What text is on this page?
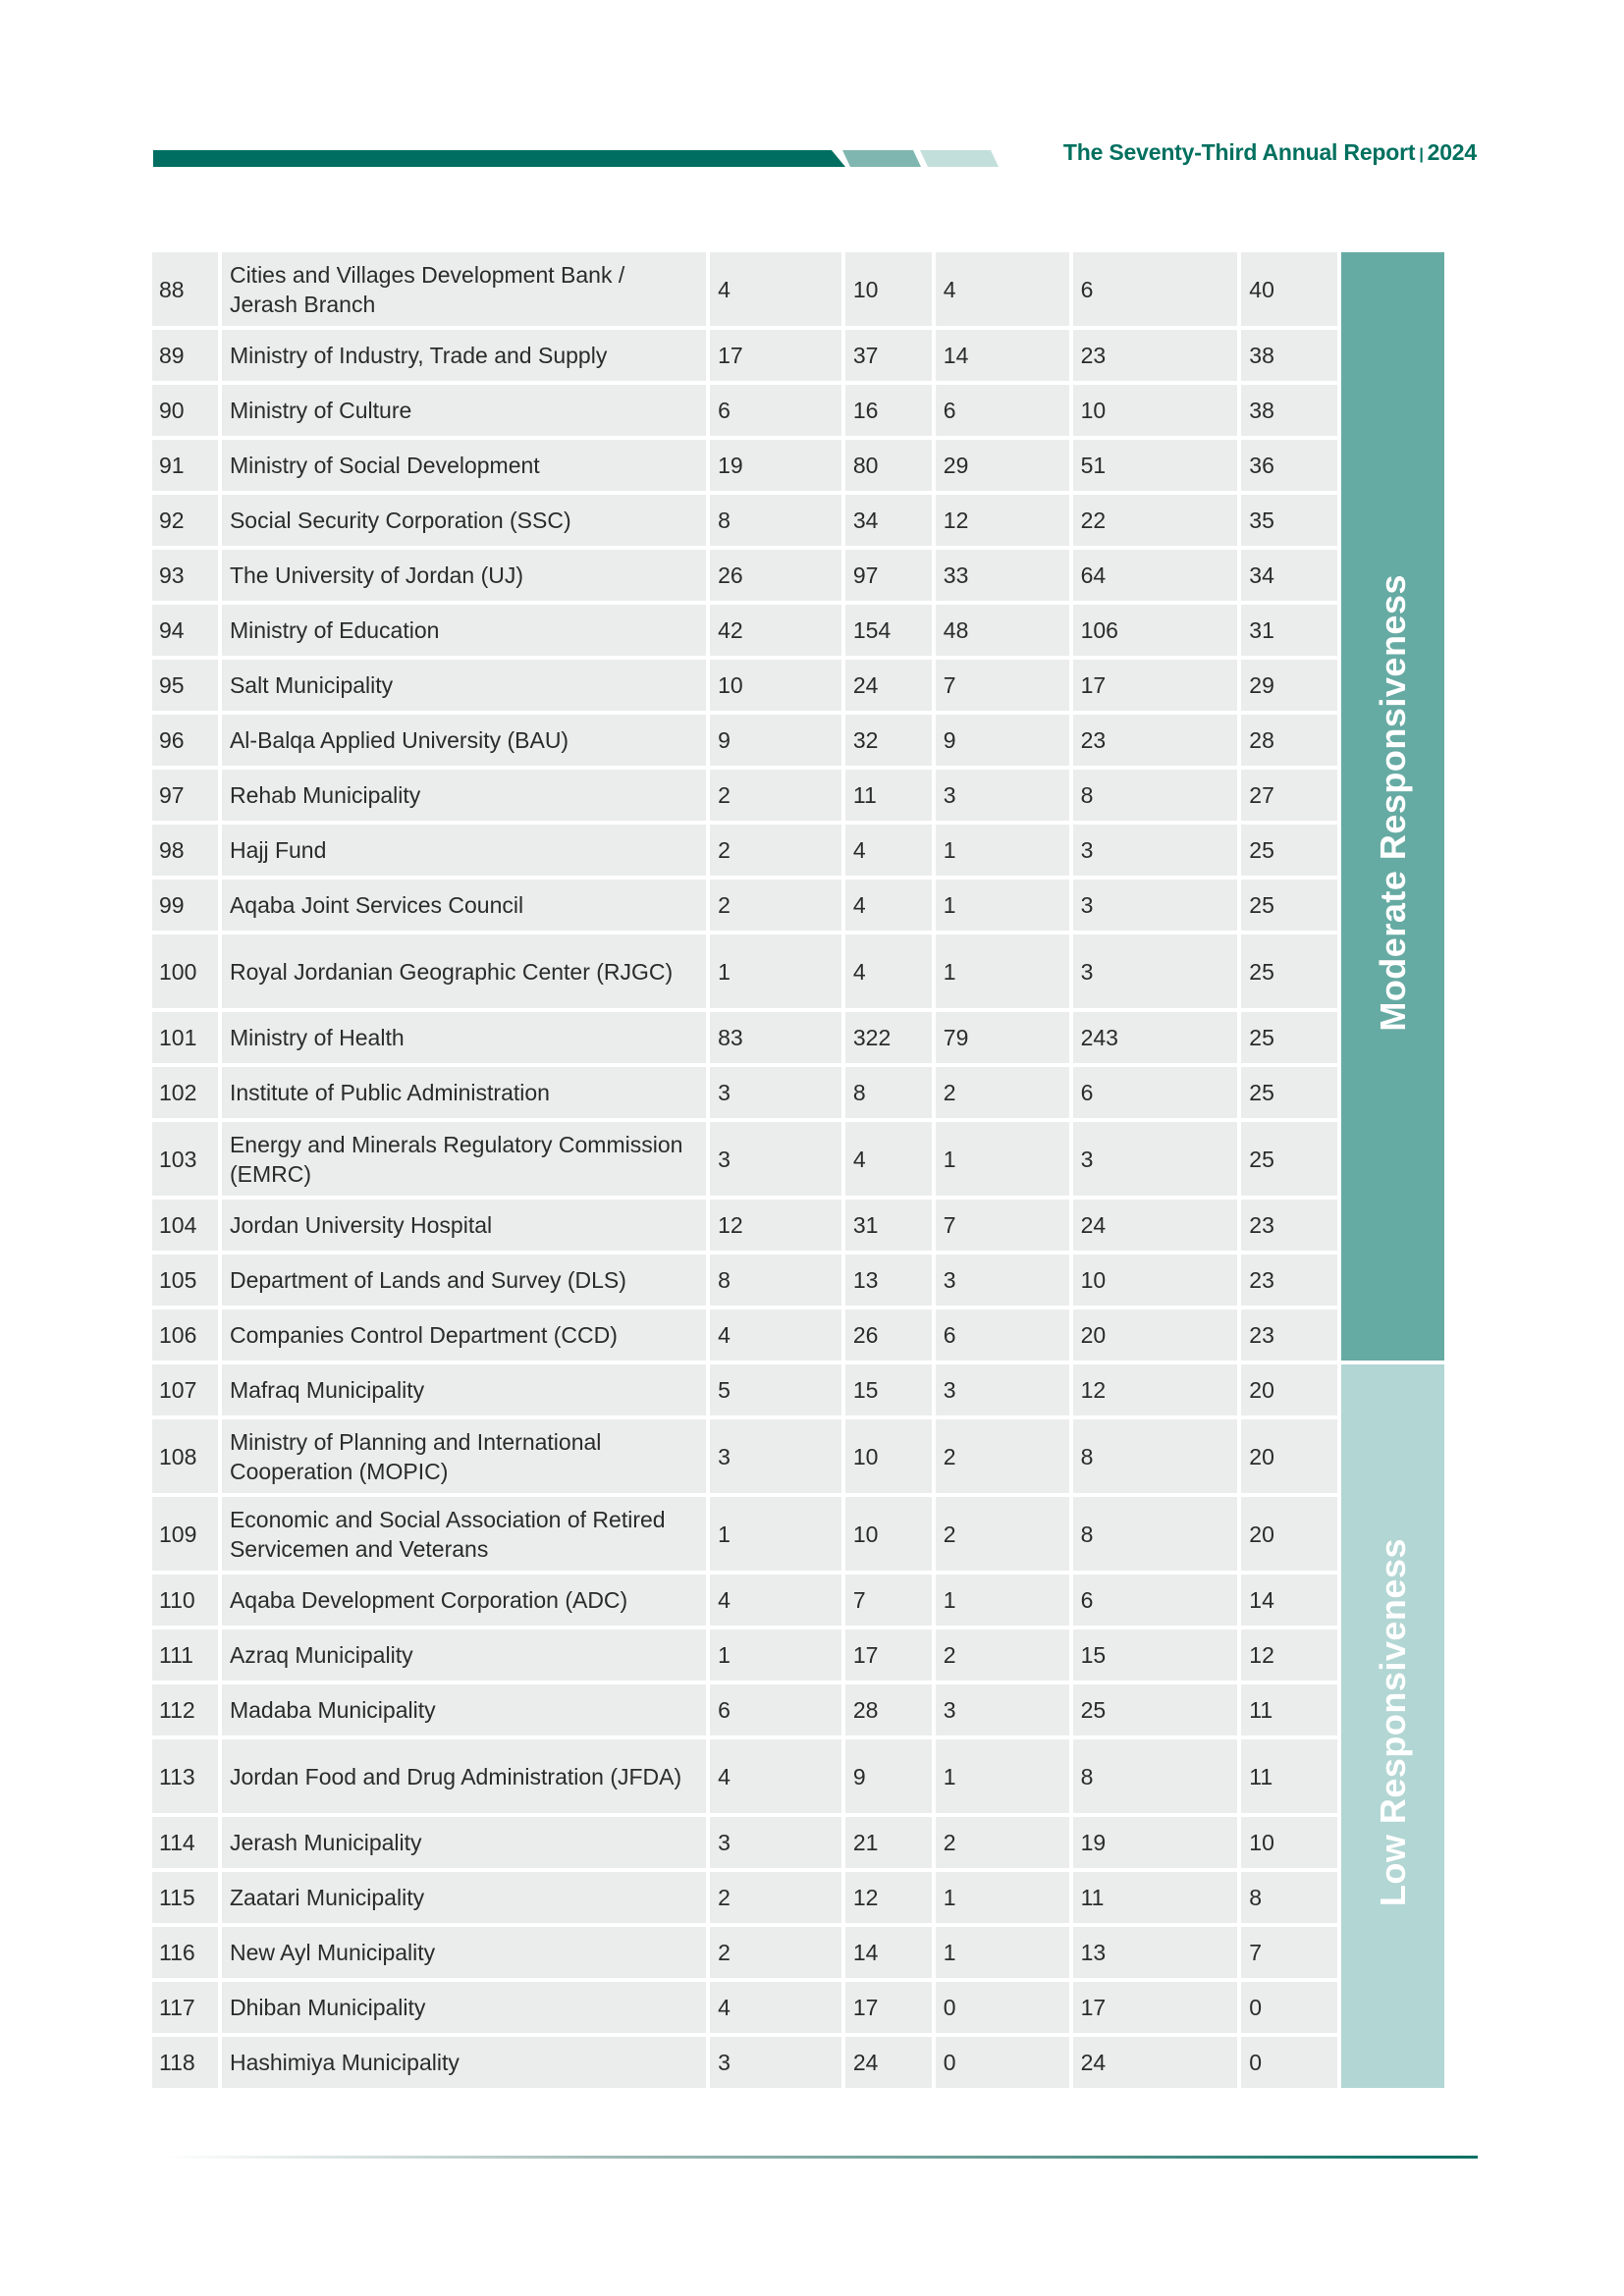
The Seventy-Third Annual Report | 2024
88	Cities and Villages Development Bank / Jerash Branch	4	10	4	6	40	Moderate Responsiveness
89	Ministry of Industry, Trade and Supply	17	37	14	23	38	
90	Ministry of Culture	6	16	6	10	38	
91	Ministry of Social Development	19	80	29	51	36	
92	Social Security Corporation (SSC)	8	34	12	22	35	
93	The University of Jordan (UJ)	26	97	33	64	34	
94	Ministry of Education	42	154	48	106	31	
95	Salt Municipality	10	24	7	17	29	
96	Al-Balqa Applied University (BAU)	9	32	9	23	28	
97	Rehab Municipality	2	11	3	8	27	
98	Hajj Fund	2	4	1	3	25	
99	Aqaba Joint Services Council	2	4	1	3	25	
100	Royal Jordanian Geographic Center (RJGC)	1	4	1	3	25	
101	Ministry of Health	83	322	79	243	25	
102	Institute of Public Administration	3	8	2	6	25	
103	Energy and Minerals Regulatory Commission (EMRC)	3	4	1	3	25	
104	Jordan University Hospital	12	31	7	24	23	
105	Department of Lands and Survey (DLS)	8	13	3	10	23	
106	Companies Control Department (CCD)	4	26	6	20	23	
107	Mafraq Municipality	5	15	3	12	20	Low Responsiveness
108	Ministry of Planning and International Cooperation (MOPIC)	3	10	2	8	20	
109	Economic and Social Association of Retired Servicemen and Veterans	1	10	2	8	20	
110	Aqaba Development Corporation (ADC)	4	7	1	6	14	
111	Azraq Municipality	1	17	2	15	12	
112	Madaba Municipality	6	28	3	25	11	
113	Jordan Food and Drug Administration (JFDA)	4	9	1	8	11	
114	Jerash Municipality	3	21	2	19	10	
115	Zaatari Municipality	2	12	1	11	8	
116	New Ayl Municipality	2	14	1	13	7	
117	Dhiban Municipality	4	17	0	17	0	
118	Hashimiya Municipality	3	24	0	24	0	
